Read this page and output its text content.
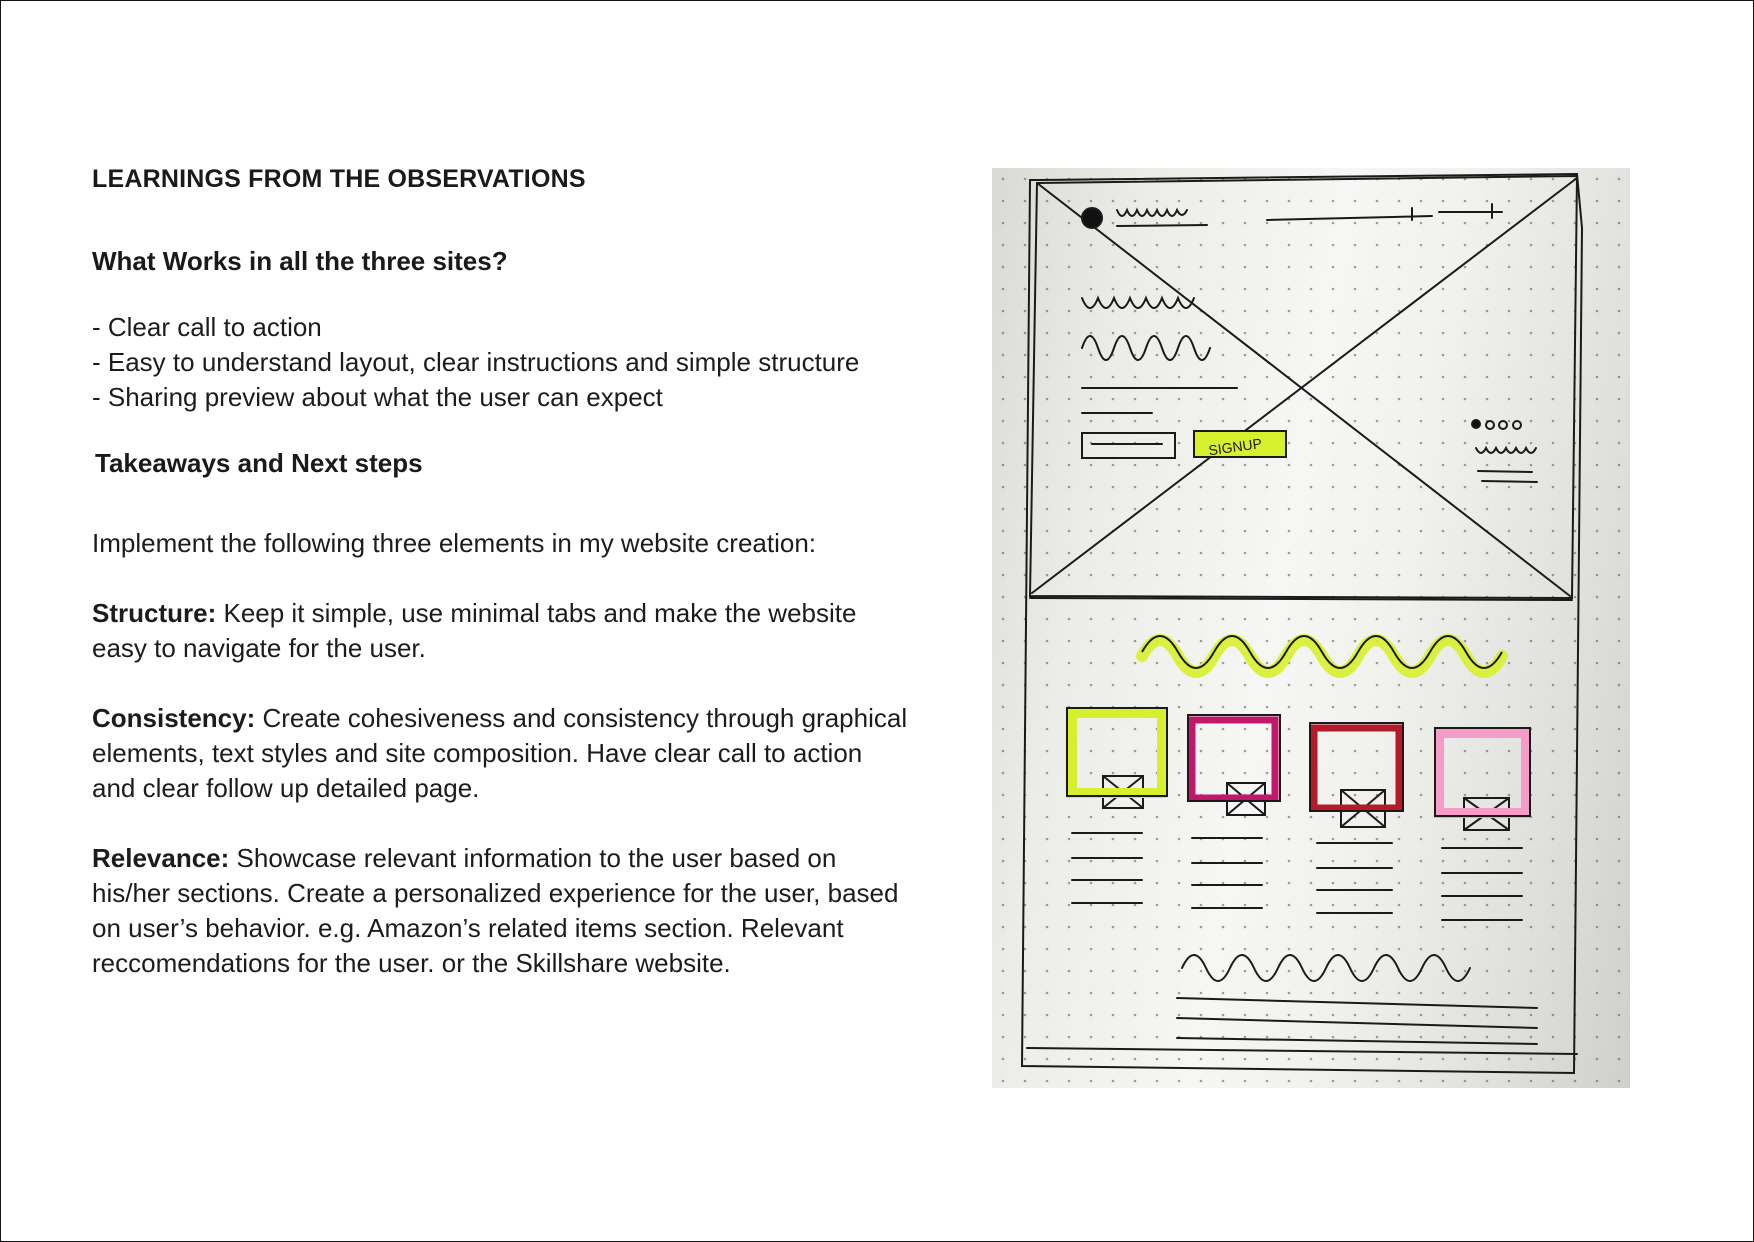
LEARNINGS FROM THE OBSERVATIONS
What Works in all the three sites?
- Clear call to action
- Easy to understand layout, clear instructions and simple structure
- Sharing preview about what the user can expect
Takeaways and Next steps

Implement the following three elements in my website creation:

Structure: Keep it simple, use minimal tabs and make the website easy to navigate for the user.

Consistency: Create cohesiveness and consistency through graphical elements, text styles and site composition. Have clear call to action and clear follow up detailed page.

Relevance: Showcase relevant information to the user based on his/her sections. Create a personalized experience for the user, based on user’s behavior. e.g. Amazon’s related items section. Relevant reccomendations for the user. or the Skillshare website.

SIGNUP
